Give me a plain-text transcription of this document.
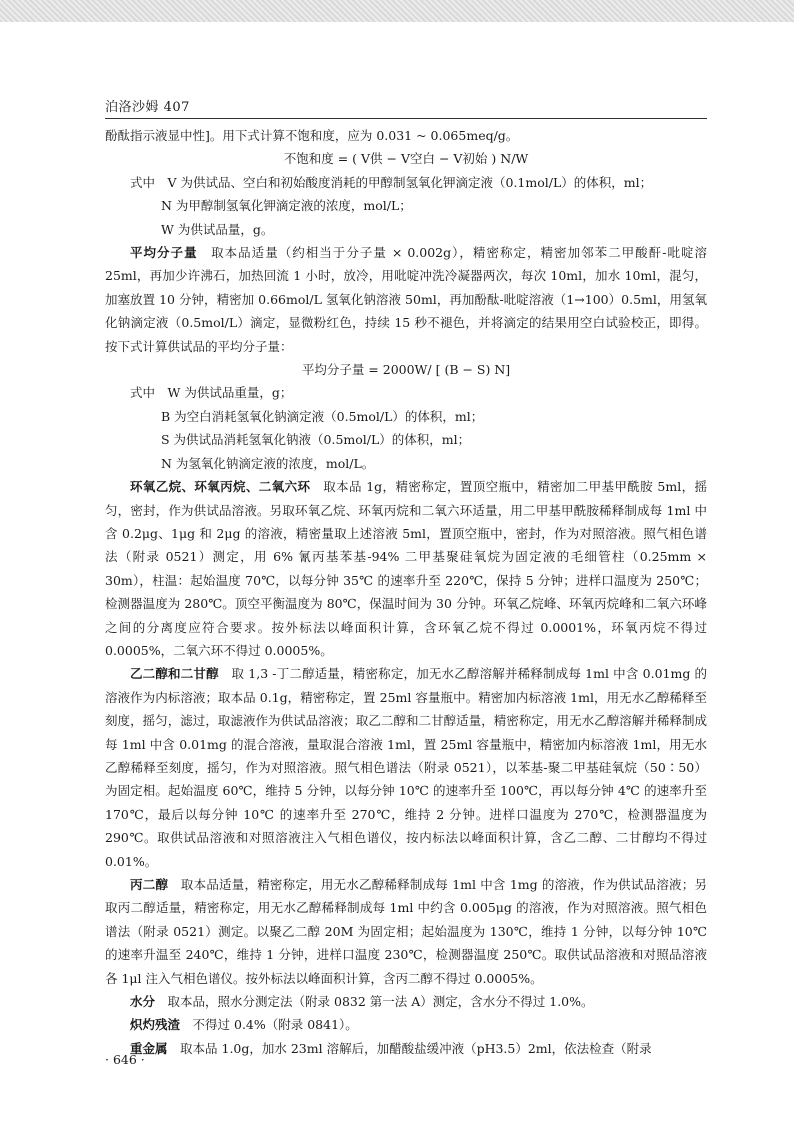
泊洛沙姆 407

酚酞指示液显中性]。用下式计算不饱和度，应为 0.031 ~ 0.065meq/g。

不饱和度 = ( V供 − V空白 − V初始 ) N/W

式中　V 为供试品、空白和初始酸度消耗的甲醇制氢氧化钾滴定液（0.1mol/L）的体积，ml；

N 为甲醇制氢氧化钾滴定液的浓度，mol/L；

W 为供试品量，g。

平均分子量　取本品适量（约相当于分子量 × 0.002g），精密称定，精密加邻苯二甲酸酐-吡啶溶 25ml，再加少许沸石，加热回流 1 小时，放冷，用吡啶冲洗冷凝器两次，每次 10ml，加水 10ml，混匀，加塞放置 10 分钟，精密加 0.66mol/L 氢氧化钠溶液 50ml，再加酚酞-吡啶溶液（1→100）0.5ml，用氢氧化钠滴定液（0.5mol/L）滴定，显微粉红色，持续 15 秒不褪色，并将滴定的结果用空白试验校正，即得。按下式计算供试品的平均分子量：

平均分子量 = 2000W/ [ (B − S) N]

式中　W 为供试品重量，g；

B 为空白消耗氢氧化钠滴定液（0.5mol/L）的体积，ml；

S 为供试品消耗氢氧化钠液（0.5mol/L）的体积，ml；

N 为氢氧化钠滴定液的浓度，mol/L。

环氧乙烷、环氧丙烷、二氧六环　取本品 1g，精密称定，置顶空瓶中，精密加二甲基甲酰胺 5ml，摇匀，密封，作为供试品溶液。另取环氧乙烷、环氧丙烷和二氧六环适量，用二甲基甲酰胺稀释制成每 1ml 中含 0.2μg、1μg 和 2μg 的溶液，精密量取上述溶液 5ml，置顶空瓶中，密封，作为对照溶液。照气相色谱法（附录 0521）测定，用 6% 氰丙基苯基-94% 二甲基聚硅氧烷为固定液的毛细管柱（0.25mm × 30m），柱温：起始温度 70℃，以每分钟 35℃ 的速率升至 220℃，保持 5 分钟；进样口温度为 250℃；检测器温度为 280℃。顶空平衡温度为 80℃，保温时间为 30 分钟。环氧乙烷峰、环氧丙烷峰和二氧六环峰之间的分离度应符合要求。按外标法以峰面积计算，含环氧乙烷不得过 0.0001%，环氧丙烷不得过 0.0005%，二氧六环不得过 0.0005%。

乙二醇和二甘醇　取 1,3 -丁二醇适量，精密称定，加无水乙醇溶解并稀释制成每 1ml 中含 0.01mg 的溶液作为内标溶液；取本品 0.1g，精密称定，置 25ml 容量瓶中。精密加内标溶液 1ml，用无水乙醇稀释至刻度，摇匀，滤过，取滤液作为供试品溶液；取乙二醇和二甘醇适量，精密称定，用无水乙醇溶解并稀释制成每 1ml 中含 0.01mg 的混合溶液，量取混合溶液 1ml，置 25ml 容量瓶中，精密加内标溶液 1ml，用无水乙醇稀释至刻度，摇匀，作为对照溶液。照气相色谱法（附录 0521），以苯基-聚二甲基硅氧烷（50∶50）为固定相。起始温度 60℃，维持 5 分钟，以每分钟 10℃ 的速率升至 100℃，再以每分钟 4℃ 的速率升至 170℃，最后以每分钟 10℃ 的速率升至 270℃，维持 2 分钟。进样口温度为 270℃，检测器温度为 290℃。取供试品溶液和对照溶液注入气相色谱仪，按内标法以峰面积计算，含乙二醇、二甘醇均不得过 0.01%。

丙二醇　取本品适量，精密称定，用无水乙醇稀释制成每 1ml 中含 1mg 的溶液，作为供试品溶液；另取丙二醇适量，精密称定，用无水乙醇稀释制成每 1ml 中约含 0.005μg 的溶液，作为对照溶液。照气相色谱法（附录 0521）测定。以聚乙二醇 20M 为固定相；起始温度为 130℃，维持 1 分钟，以每分钟 10℃ 的速率升温至 240℃，维持 1 分钟，进样口温度 230℃，检测器温度 250℃。取供试品溶液和对照品溶液各 1μl 注入气相色谱仪。按外标法以峰面积计算，含丙二醇不得过 0.0005%。

水分　取本品，照水分测定法（附录 0832 第一法 A）测定，含水分不得过 1.0%。

炽灼残渣　不得过 0.4%（附录 0841）。

重金属　取本品 1.0g，加水 23ml 溶解后，加醋酸盐缓冲液（pH3.5）2ml，依法检查（附录

· 646 ·
